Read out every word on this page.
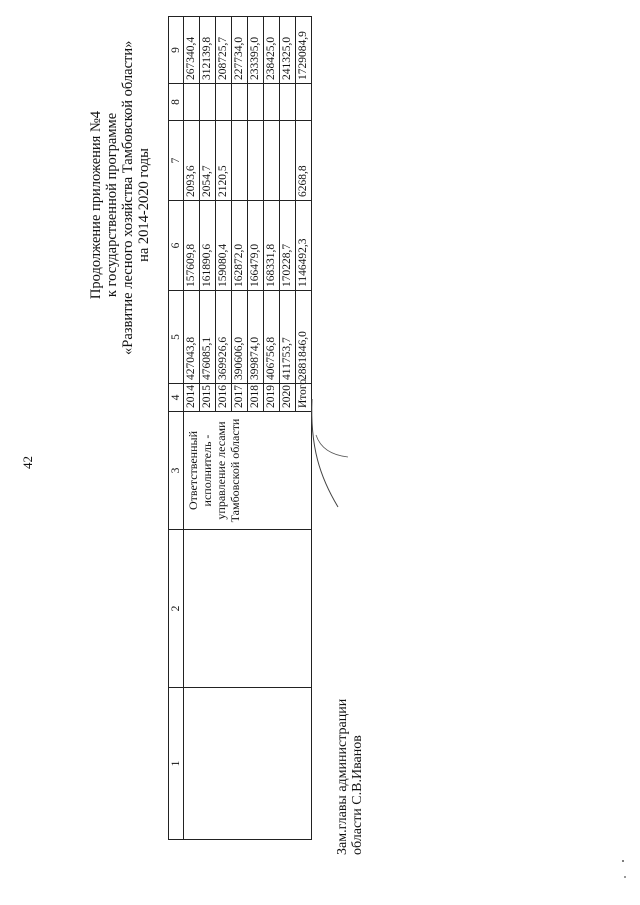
42
Продолжение приложения №4 к государственной программе «Развитие лесного хозяйства Тамбовской области» на 2014-2020 годы
1	2	3	4	5	6	7	8	9
		Ответственный исполнитель - управление лесами Тамбовской области	2014	427043,8	157609,8	2093,6		267340,4
			2015	476085,1	161890,6	2054,7		312139,8
			2016	369926,6	159080,4	2120,5		208725,7
			2017	390606,0	162872,0			227734,0
			2018	399874,0	166479,0			233395,0
			2019	406756,8	168331,8			238425,0
			2020	411753,7	170228,7			241325,0
			Итого	2881846,0	1146492,3	6268,8		1729084,9
Зам.главы администрации области С.В.Иванов
